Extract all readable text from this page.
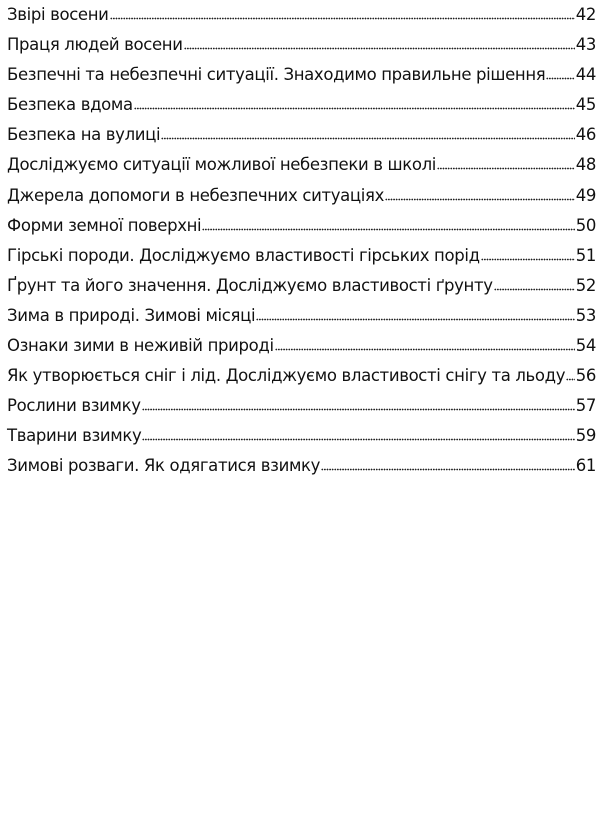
Звірі восени	42
Праця людей восени	43
Безпечні та небезпечні ситуації. Знаходимо правильне рішення 44
Безпека вдома	45
Безпека на вулиці	46
Досліджуємо ситуації можливої небезпеки в школі	48
Джерела допомоги в небезпечних ситуаціях	49
Форми земної поверхні	50
Гірські породи. Досліджуємо властивості гірських порід	51
Ґрунт та його значення. Досліджуємо властивості ґрунту	52
Зима в природі. Зимові місяці	53
Ознаки зими в неживій природі	54
Як утворюється сніг і лід. Досліджуємо властивості снігу та льоду 56
Рослини взимку	57
Тварини взимку	59
Зимові розваги. Як одягатися взимку	61
